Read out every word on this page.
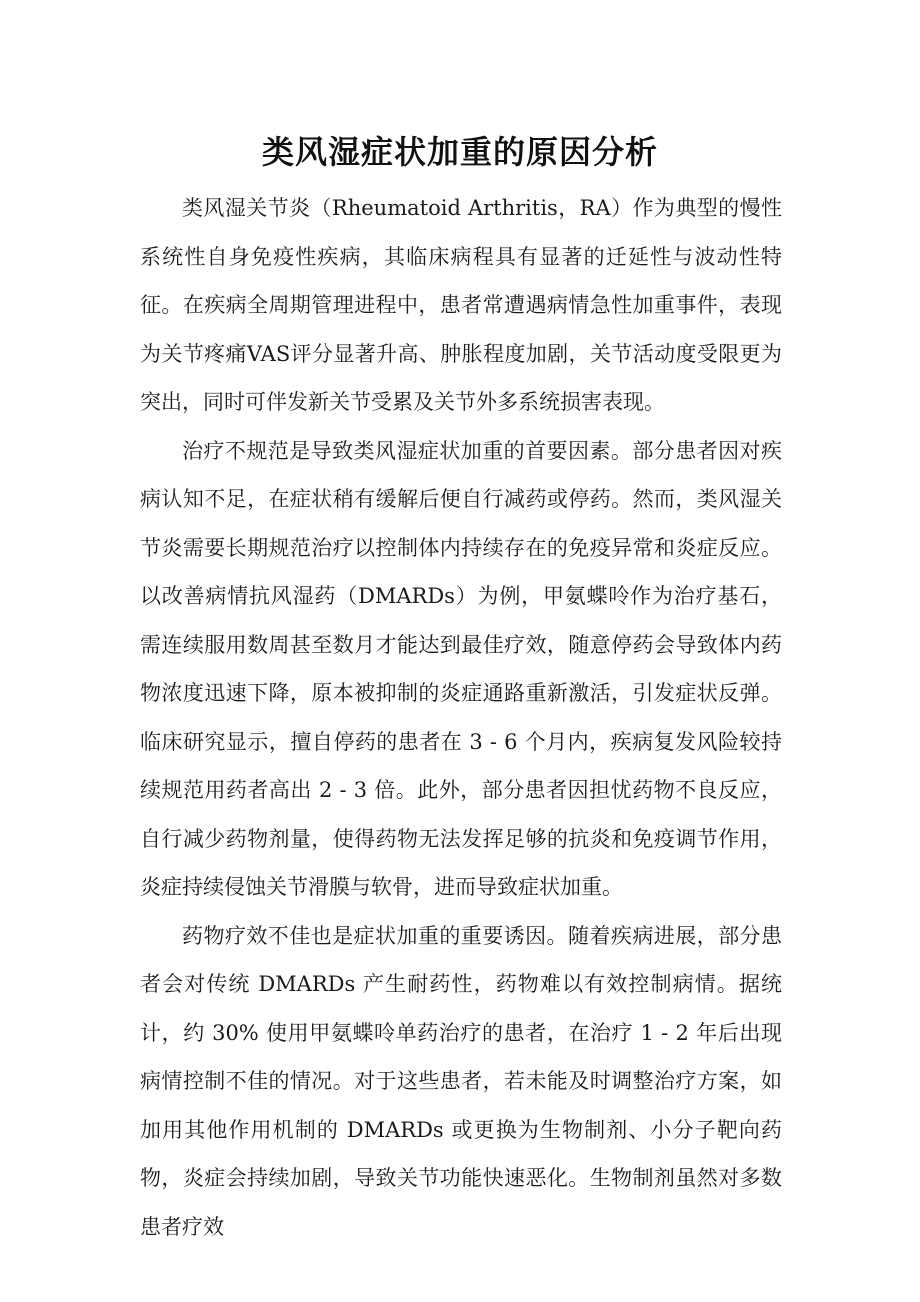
类风湿症状加重的原因分析

类风湿关节炎（Rheumatoid Arthritis，RA）作为典型的慢性系统性自身免疫性疾病，其临床病程具有显著的迁延性与波动性特征。在疾病全周期管理进程中，患者常遭遇病情急性加重事件，表现为关节疼痛VAS评分显著升高、肿胀程度加剧，关节活动度受限更为突出，同时可伴发新关节受累及关节外多系统损害表现。

治疗不规范是导致类风湿症状加重的首要因素。部分患者因对疾病认知不足，在症状稍有缓解后便自行减药或停药。然而，类风湿关节炎需要长期规范治疗以控制体内持续存在的免疫异常和炎症反应。以改善病情抗风湿药（DMARDs）为例，甲氨蝶呤作为治疗基石，需连续服用数周甚至数月才能达到最佳疗效，随意停药会导致体内药物浓度迅速下降，原本被抑制的炎症通路重新激活，引发症状反弹。临床研究显示，擅自停药的患者在 3 - 6 个月内，疾病复发风险较持续规范用药者高出 2 - 3 倍。此外，部分患者因担忧药物不良反应，自行减少药物剂量，使得药物无法发挥足够的抗炎和免疫调节作用，炎症持续侵蚀关节滑膜与软骨，进而导致症状加重。

药物疗效不佳也是症状加重的重要诱因。随着疾病进展，部分患者会对传统 DMARDs 产生耐药性，药物难以有效控制病情。据统计，约 30% 使用甲氨蝶呤单药治疗的患者，在治疗 1 - 2 年后出现病情控制不佳的情况。对于这些患者，若未能及时调整治疗方案，如加用其他作用机制的 DMARDs 或更换为生物制剂、小分子靶向药物，炎症会持续加剧，导致关节功能快速恶化。生物制剂虽然对多数患者疗效
